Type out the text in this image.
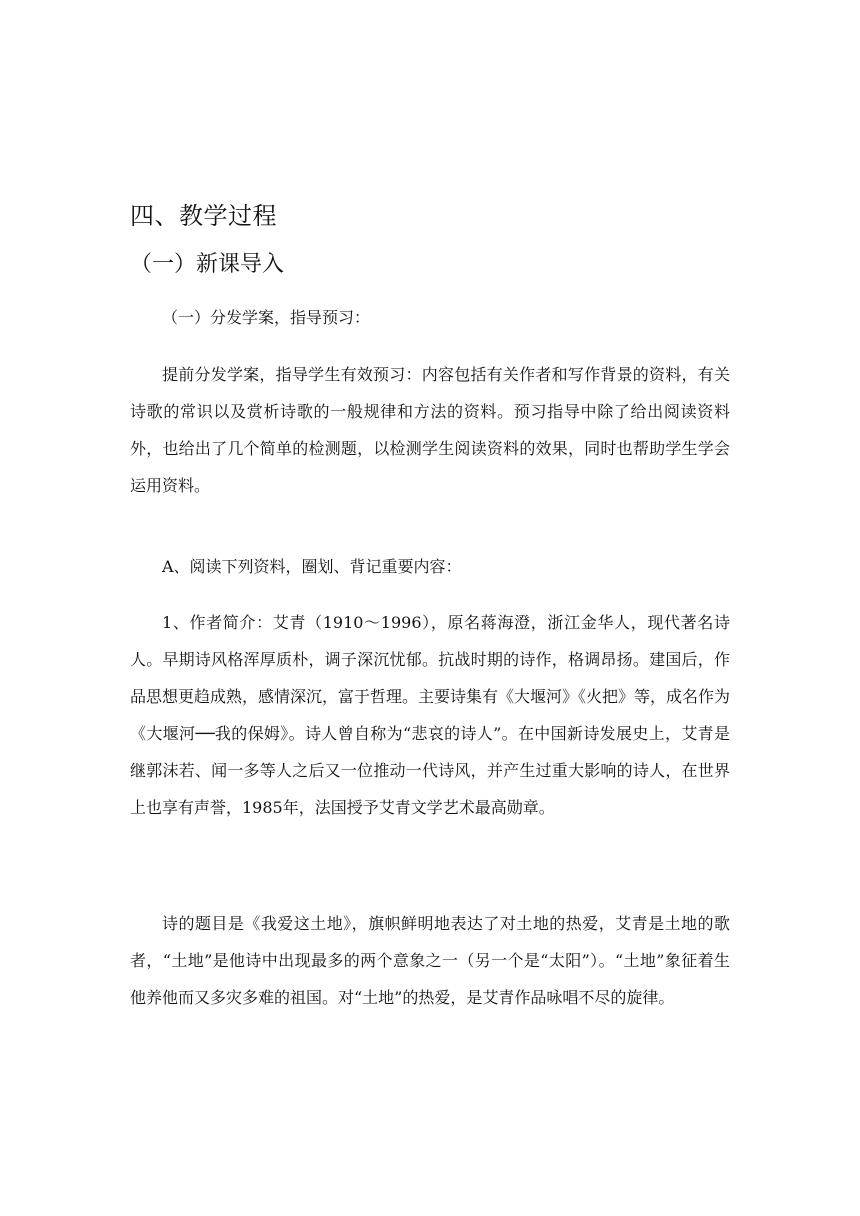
四、教学过程
（一）新课导入

（一）分发学案，指导预习：

提前分发学案，指导学生有效预习：内容包括有关作者和写作背景的资料，有关诗歌的常识以及赏析诗歌的一般规律和方法的资料。预习指导中除了给出阅读资料外，也给出了几个简单的检测题，以检测学生阅读资料的效果，同时也帮助学生学会运用资料。

A、阅读下列资料，圈划、背记重要内容：

1、作者简介：艾青（1910～1996），原名蒋海澄，浙江金华人，现代著名诗人。早期诗风格浑厚质朴，调子深沉忧郁。抗战时期的诗作，格调昂扬。建国后，作品思想更趋成熟，感情深沉，富于哲理。主要诗集有《大堰河》《火把》等，成名作为《大堰河──我的保姆》。诗人曾自称为“悲哀的诗人”。在中国新诗发展史上，艾青是继郭沫若、闻一多等人之后又一位推动一代诗风，并产生过重大影响的诗人，在世界上也享有声誉，1985年，法国授予艾青文学艺术最高勋章。

诗的题目是《我爱这土地》，旗帜鲜明地表达了对土地的热爱，艾青是土地的歌者，“土地”是他诗中出现最多的两个意象之一（另一个是“太阳”）。“土地”象征着生他养他而又多灾多难的祖国。对“土地”的热爱，是艾青作品咏唱不尽的旋律。
